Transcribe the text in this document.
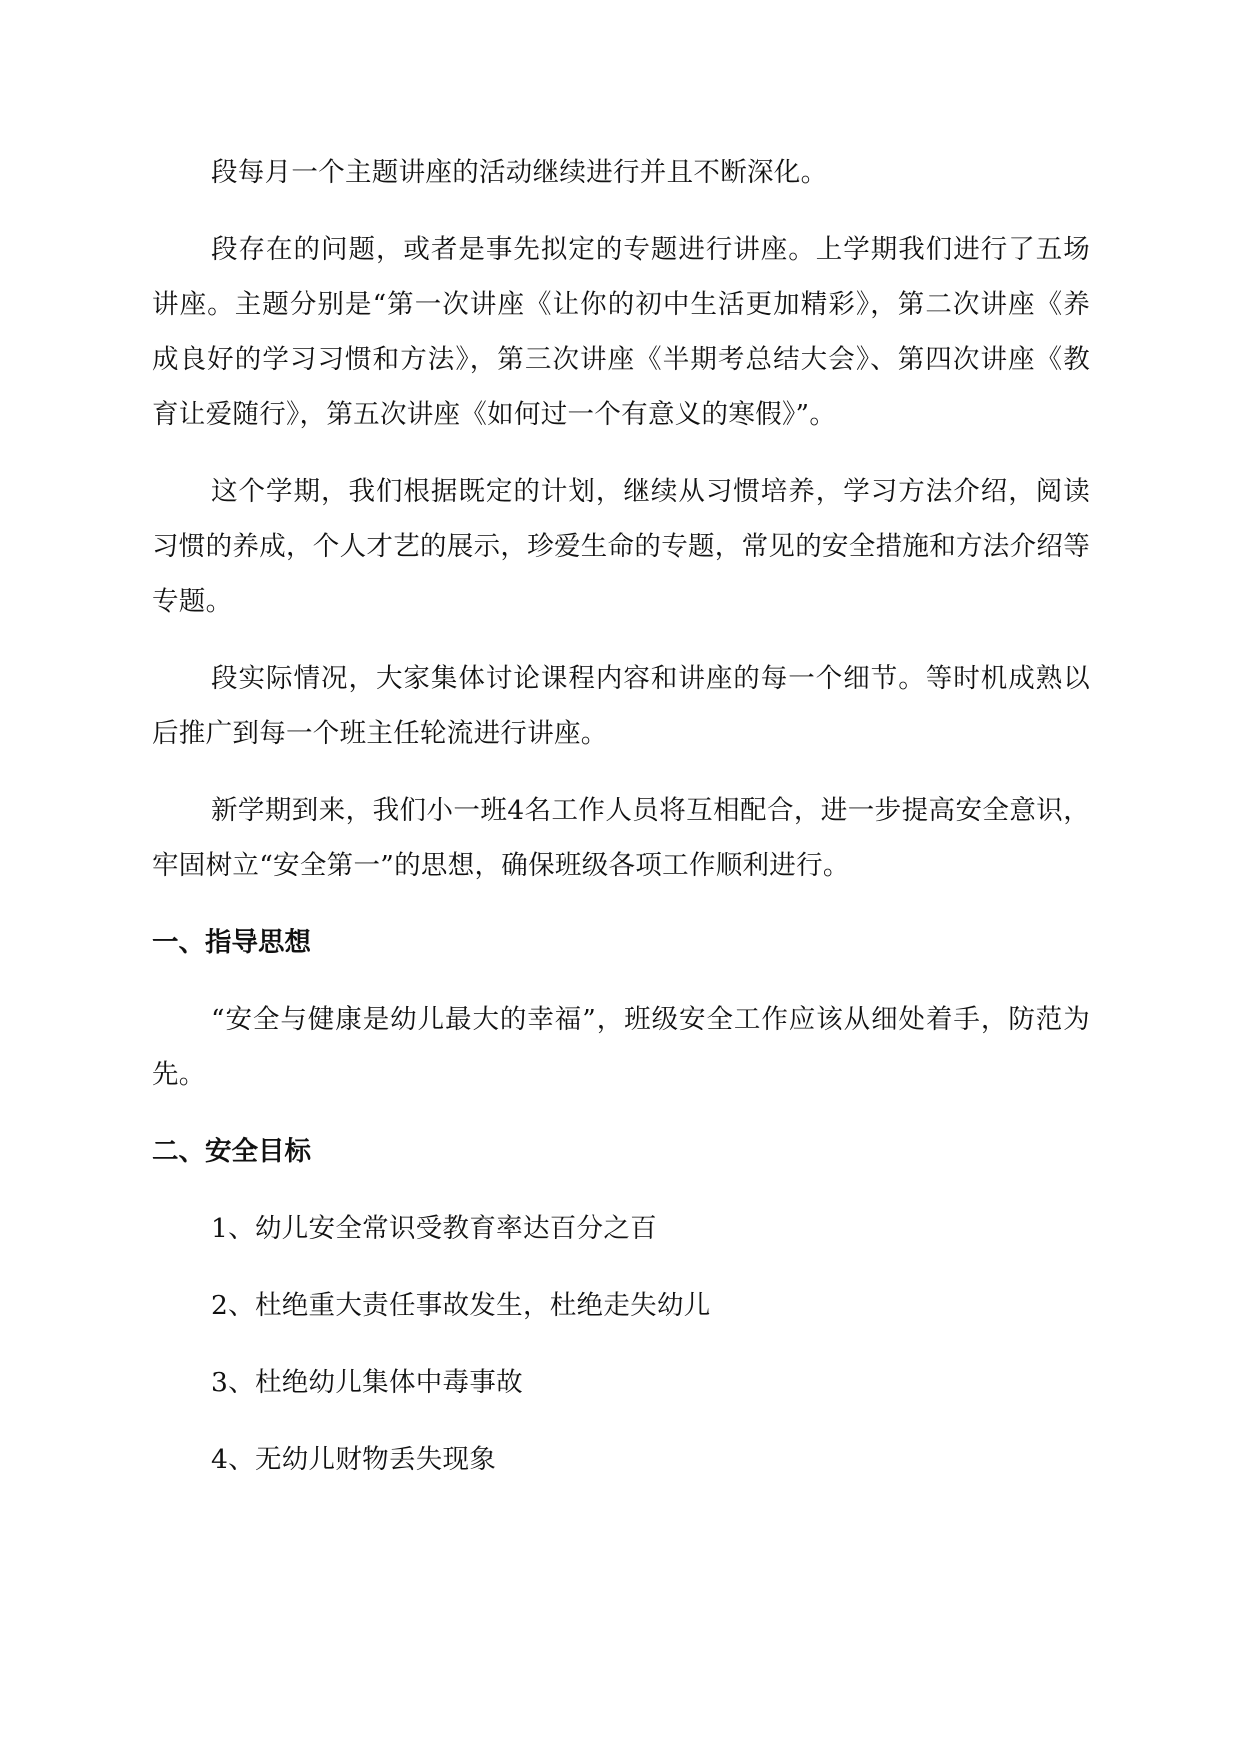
段每月一个主题讲座的活动继续进行并且不断深化。

段存在的问题，或者是事先拟定的专题进行讲座。上学期我们进行了五场讲座。主题分别是“第一次讲座《让你的初中生活更加精彩》，第二次讲座《养成良好的学习习惯和方法》，第三次讲座《半期考总结大会》、第四次讲座《教育让爱随行》，第五次讲座《如何过一个有意义的寒假》”。

这个学期，我们根据既定的计划，继续从习惯培养，学习方法介绍，阅读习惯的养成，个人才艺的展示，珍爱生命的专题，常见的安全措施和方法介绍等专题。

段实际情况，大家集体讨论课程内容和讲座的每一个细节。等时机成熟以后推广到每一个班主任轮流进行讲座。

新学期到来，我们小一班4名工作人员将互相配合，进一步提高安全意识，牢固树立“安全第一”的思想，确保班级各项工作顺利进行。

一、指导思想

“安全与健康是幼儿最大的幸福”，班级安全工作应该从细处着手，防范为先。

二、安全目标
1、幼儿安全常识受教育率达百分之百
2、杜绝重大责任事故发生，杜绝走失幼儿
3、杜绝幼儿集体中毒事故
4、无幼儿财物丢失现象
